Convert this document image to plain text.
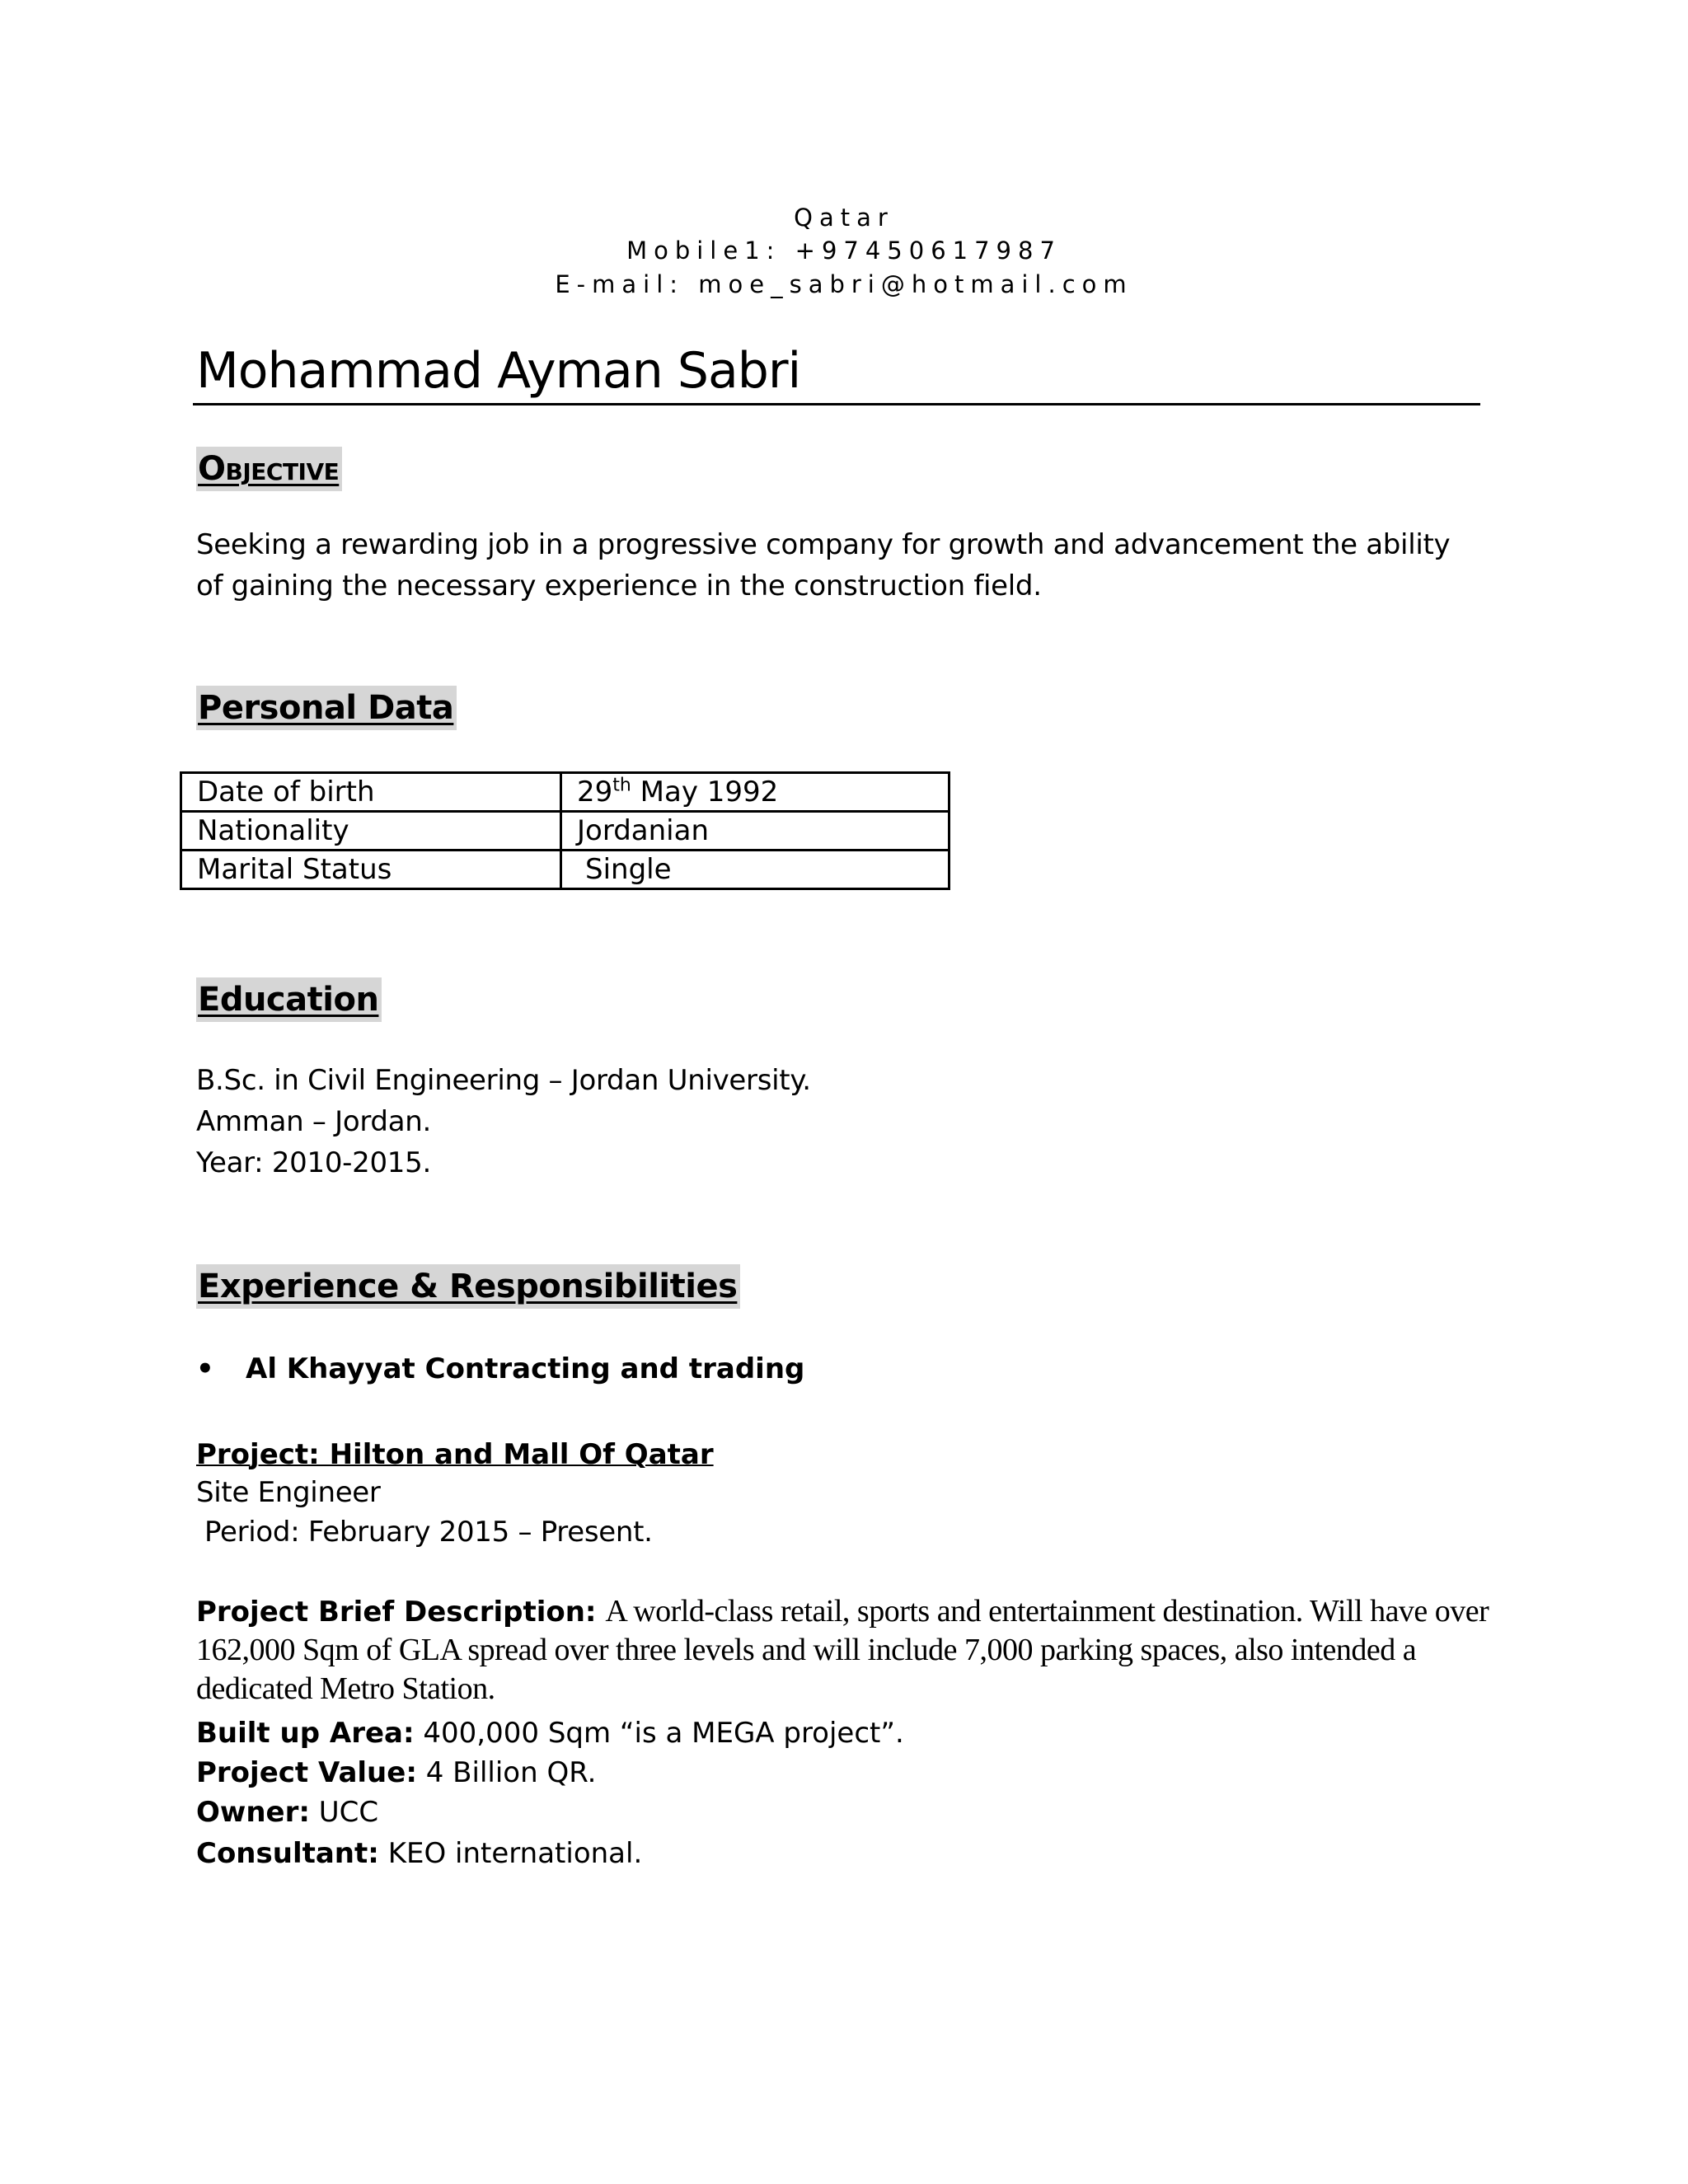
Qatar
Mobile1: +97450617987
E-mail: moe_sabri@hotmail.com
Mohammad Ayman Sabri
Objective
Seeking a rewarding job in a progressive company for growth and advancement the ability of gaining the necessary experience in the construction field.
Personal Data
Date of birth	29th May 1992
Nationality	Jordanian
Marital Status	Single
Education
B.Sc. in Civil Engineering – Jordan University.
Amman – Jordan.
Year: 2010-2015.
Experience & Responsibilities
• Al Khayyat Contracting and trading
Project: Hilton and Mall Of Qatar
Site Engineer
Period: February 2015 – Present.
Project Brief Description: A world-class retail, sports and entertainment destination. Will have over 162,000 Sqm of GLA spread over three levels and will include 7,000 parking spaces, also intended a dedicated Metro Station.
Built up Area: 400,000 Sqm “is a MEGA project”.
Project Value: 4 Billion QR.
Owner: UCC
Consultant: KEO international.
